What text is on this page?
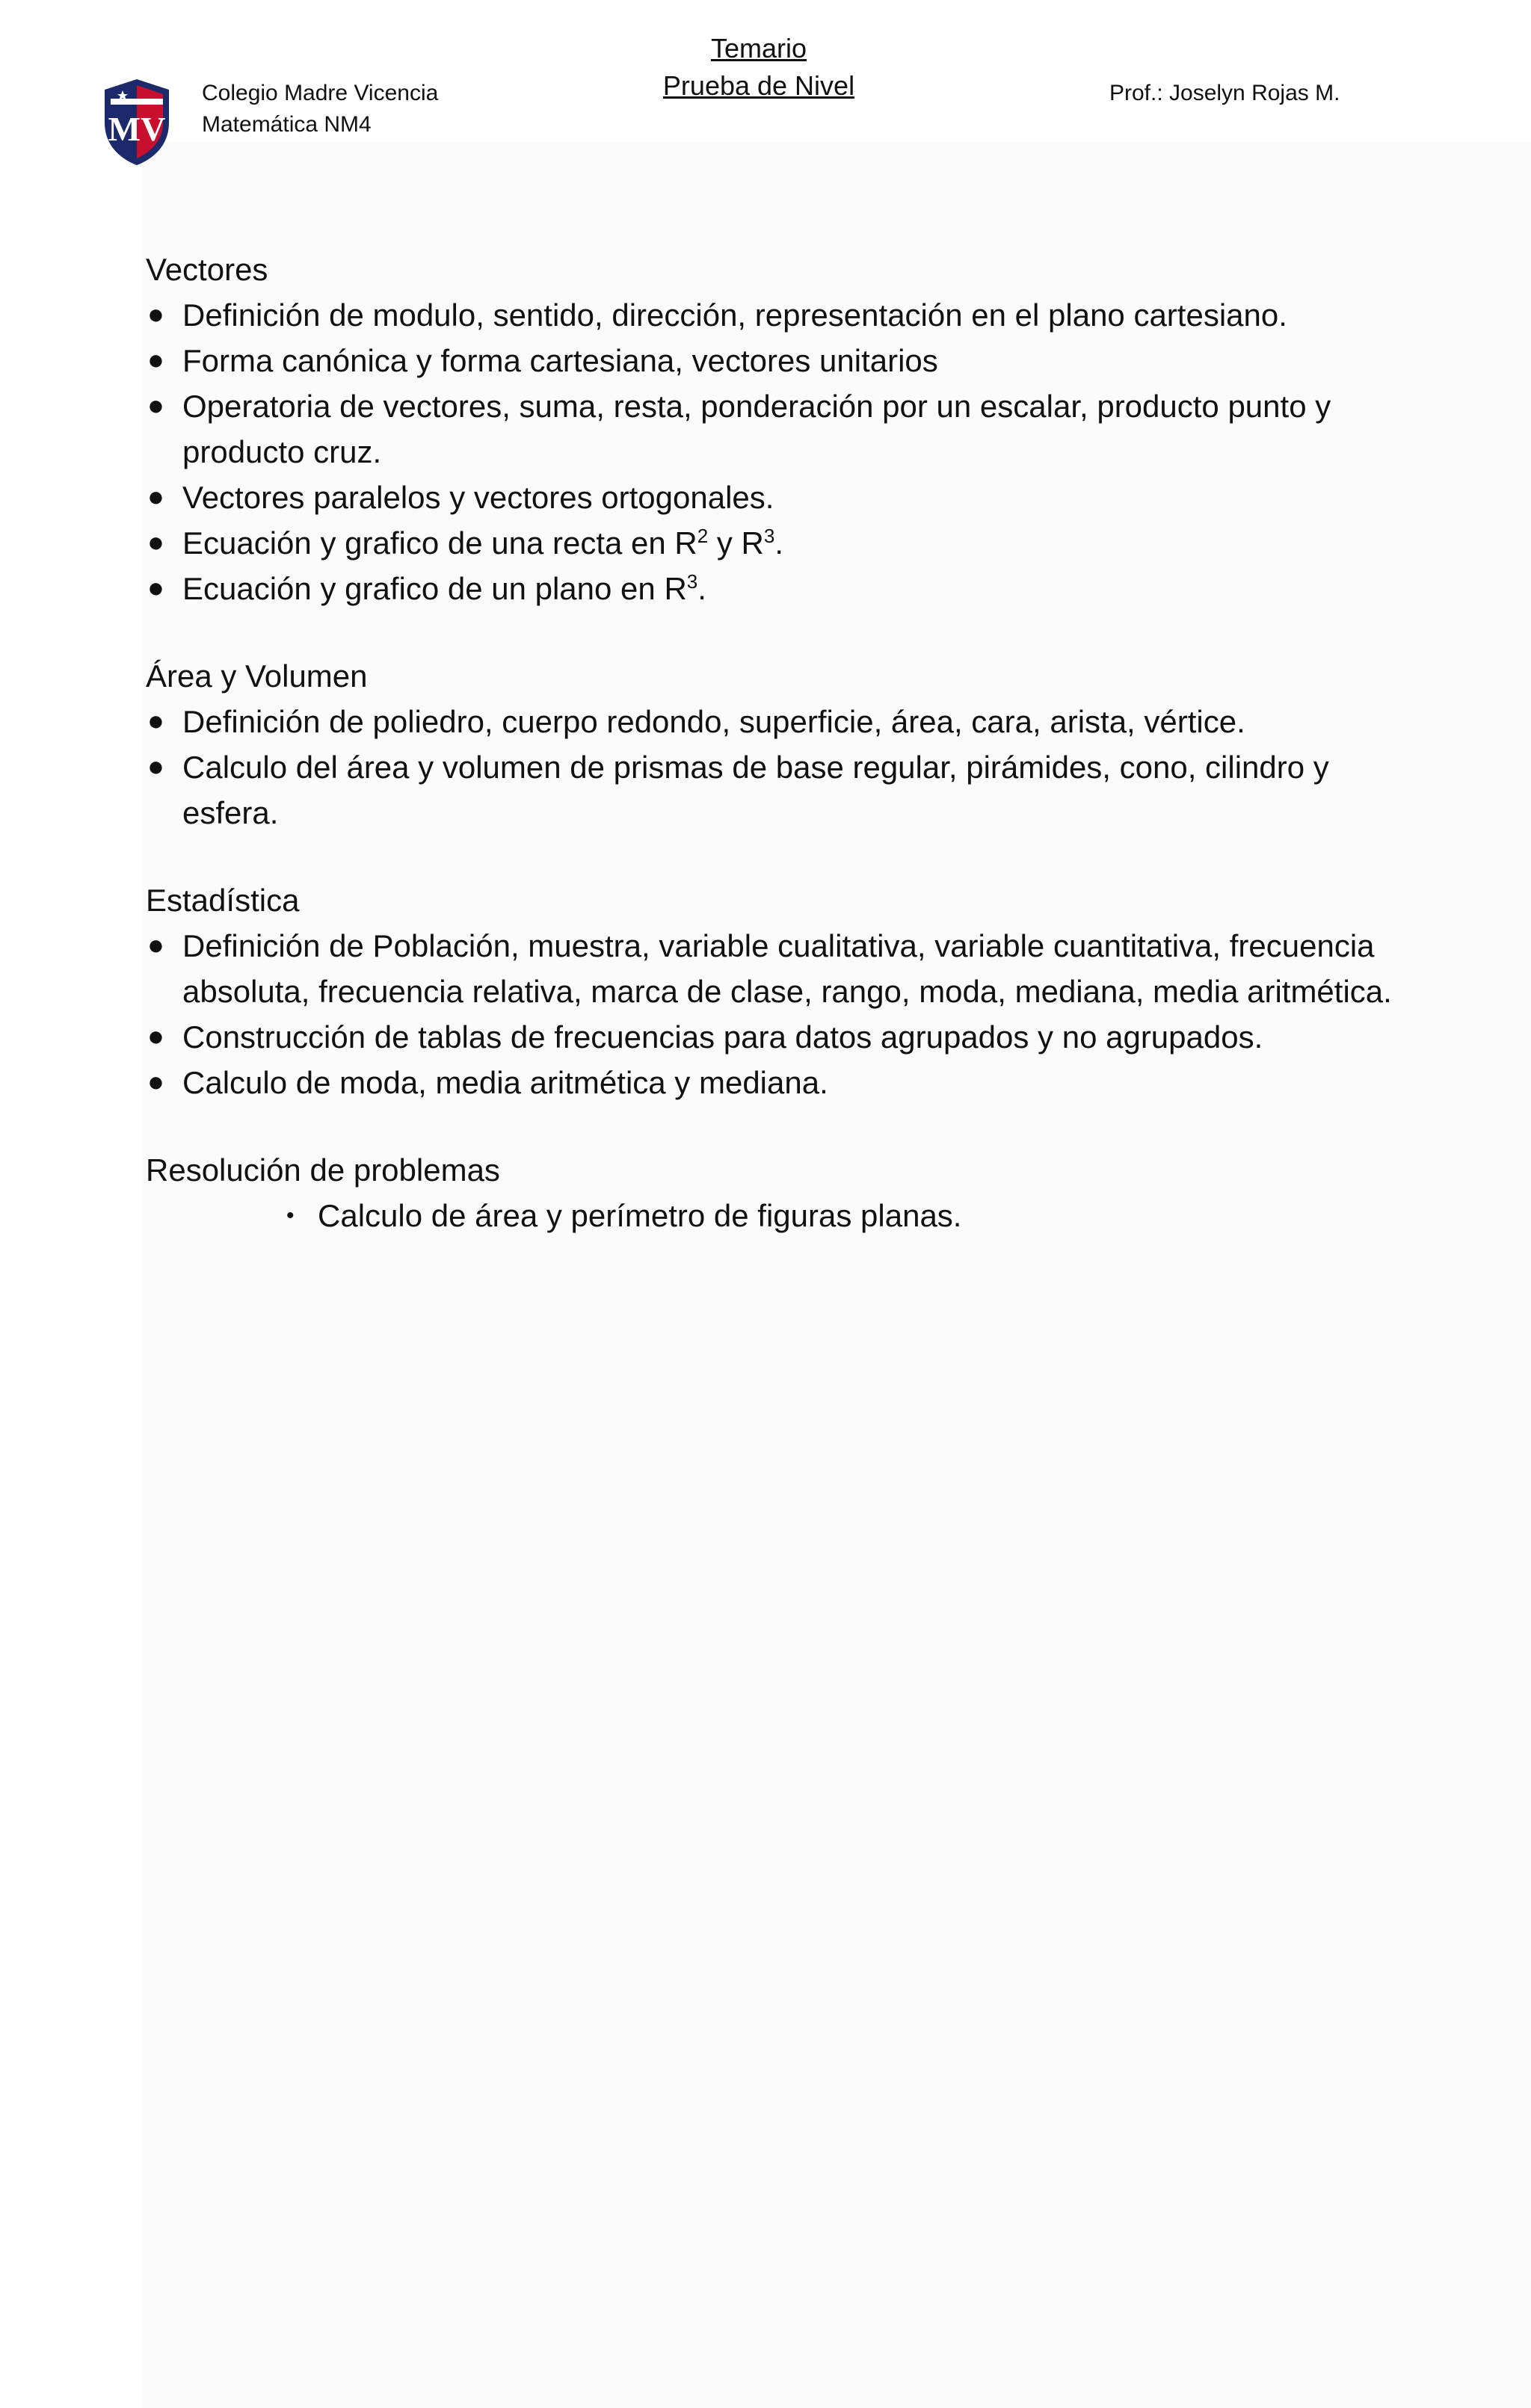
MV
Colegio Madre Vicencia
Matemática NM4
Temario
Prueba de Nivel	Prof.: Joselyn Rojas M.
Vectores
● Definición de modulo, sentido, dirección, representación en el plano cartesiano.
● Forma canónica y forma cartesiana, vectores unitarios
● Operatoria de vectores, suma, resta, ponderación por un escalar, producto punto y producto cruz.
● Vectores paralelos y vectores ortogonales.
● Ecuación y grafico de una recta en $R^2$ y $R^3$.
● Ecuación y grafico de un plano en $R^3$.
Área y Volumen
● Definición de poliedro, cuerpo redondo, superficie, área, cara, arista, vértice.
● Calculo del área y volumen de prismas de base regular, pirámides, cono, cilindro y esfera.
Estadística
● Definición de Población, muestra, variable cualitativa, variable cuantitativa, frecuencia absoluta, frecuencia relativa, marca de clase, rango, moda, mediana, media aritmética.
● Construcción de tablas de frecuencias para datos agrupados y no agrupados.
● Calculo de moda, media aritmética y mediana.
Resolución de problemas
• Calculo de área y perímetro de figuras planas.
